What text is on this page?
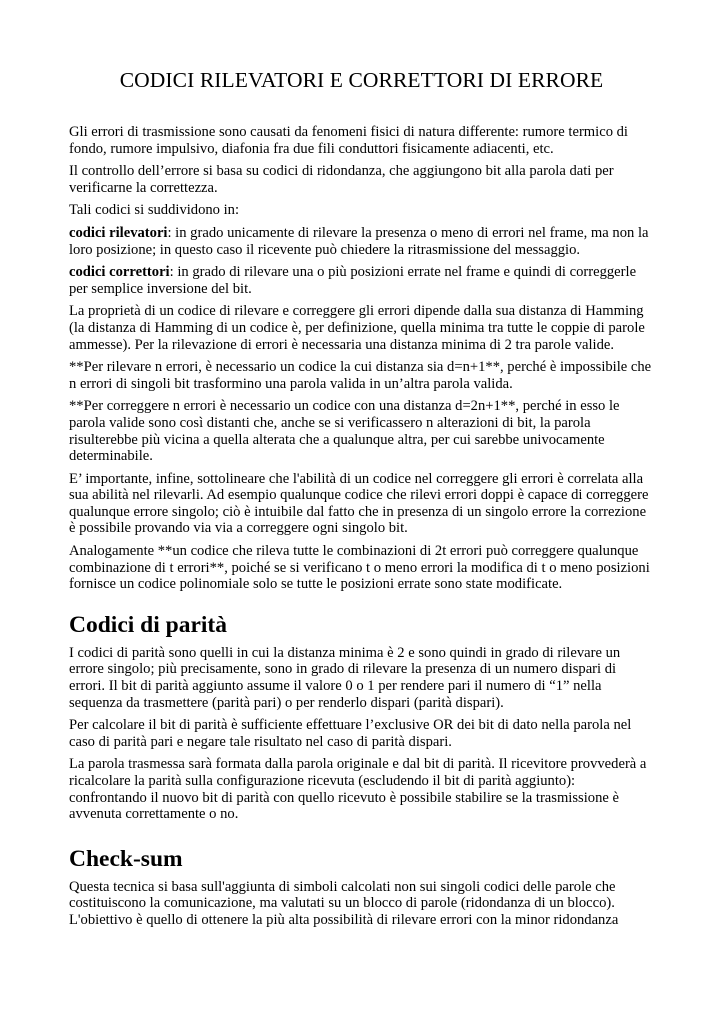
CODICI RILEVATORI E CORRETTORI DI ERRORE

Gli errori di trasmissione sono causati da fenomeni fisici di natura differente: rumore termico di fondo, rumore impulsivo, diafonia fra due fili conduttori fisicamente adiacenti, etc.

Il controllo dell’errore si basa su codici di ridondanza, che aggiungono bit alla parola dati per verificarne la correttezza.

Tali codici si suddividono in:

codici rilevatori: in grado unicamente di rilevare la presenza o meno di errori nel frame, ma non la loro posizione; in questo caso il ricevente può chiedere la ritrasmissione del messaggio.

codici correttori: in grado di rilevare una o più posizioni errate nel frame e quindi di correggerle per semplice inversione del bit.

La proprietà di un codice di rilevare e correggere gli errori dipende dalla sua distanza di Hamming (la distanza di Hamming di un codice è, per definizione, quella minima tra tutte le coppie di parole ammesse). Per la rilevazione di errori è necessaria una distanza minima di 2 tra parole valide.

**Per rilevare n errori, è necessario un codice la cui distanza sia d=n+1**, perché è impossibile che n errori di singoli bit trasformino una parola valida in un’altra parola valida.

**Per correggere n errori è necessario un codice con una distanza d=2n+1**, perché in esso le parola valide sono così distanti che, anche se si verificassero n alterazioni di bit, la parola risulterebbe più vicina a quella alterata che a qualunque altra, per cui sarebbe univocamente determinabile.

E’ importante, infine, sottolineare che l'abilità di un codice nel correggere gli errori è correlata alla sua abilità nel rilevarli. Ad esempio qualunque codice che rilevi errori doppi è capace di correggere qualunque errore singolo; ciò è intuibile dal fatto che in presenza di un singolo errore la correzione è possibile provando via via a correggere ogni singolo bit.

Analogamente **un codice che rileva tutte le combinazioni di 2t errori può correggere qualunque combinazione di t errori**, poiché se si verificano t o meno errori la modifica di t o meno posizioni fornisce un codice polinomiale solo se tutte le posizioni errate sono state modificate.

Codici di parità

I codici di parità sono quelli in cui la distanza minima è 2 e sono quindi in grado di rilevare un errore singolo; più precisamente, sono in grado di rilevare la presenza di un numero dispari di errori. Il bit di parità aggiunto assume il valore 0 o 1 per rendere pari il numero di “1” nella sequenza da trasmettere (parità pari) o per renderlo dispari (parità dispari).

Per calcolare il bit di parità è sufficiente effettuare l’exclusive OR dei bit di dato nella parola nel caso di parità pari e negare tale risultato nel caso di parità dispari.

La parola trasmessa sarà formata dalla parola originale e dal bit di parità. Il ricevitore provvederà a ricalcolare la parità sulla configurazione ricevuta (escludendo il bit di parità aggiunto): confrontando il nuovo bit di parità con quello ricevuto è possibile stabilire se la trasmissione è avvenuta correttamente o no.

Check-sum

Questa tecnica si basa sull'aggiunta di simboli calcolati non sui singoli codici delle parole che costituiscono la comunicazione, ma valutati su un blocco di parole (ridondanza di un blocco). L'obiettivo è quello di ottenere la più alta possibilità di rilevare errori con la minor ridondanza
